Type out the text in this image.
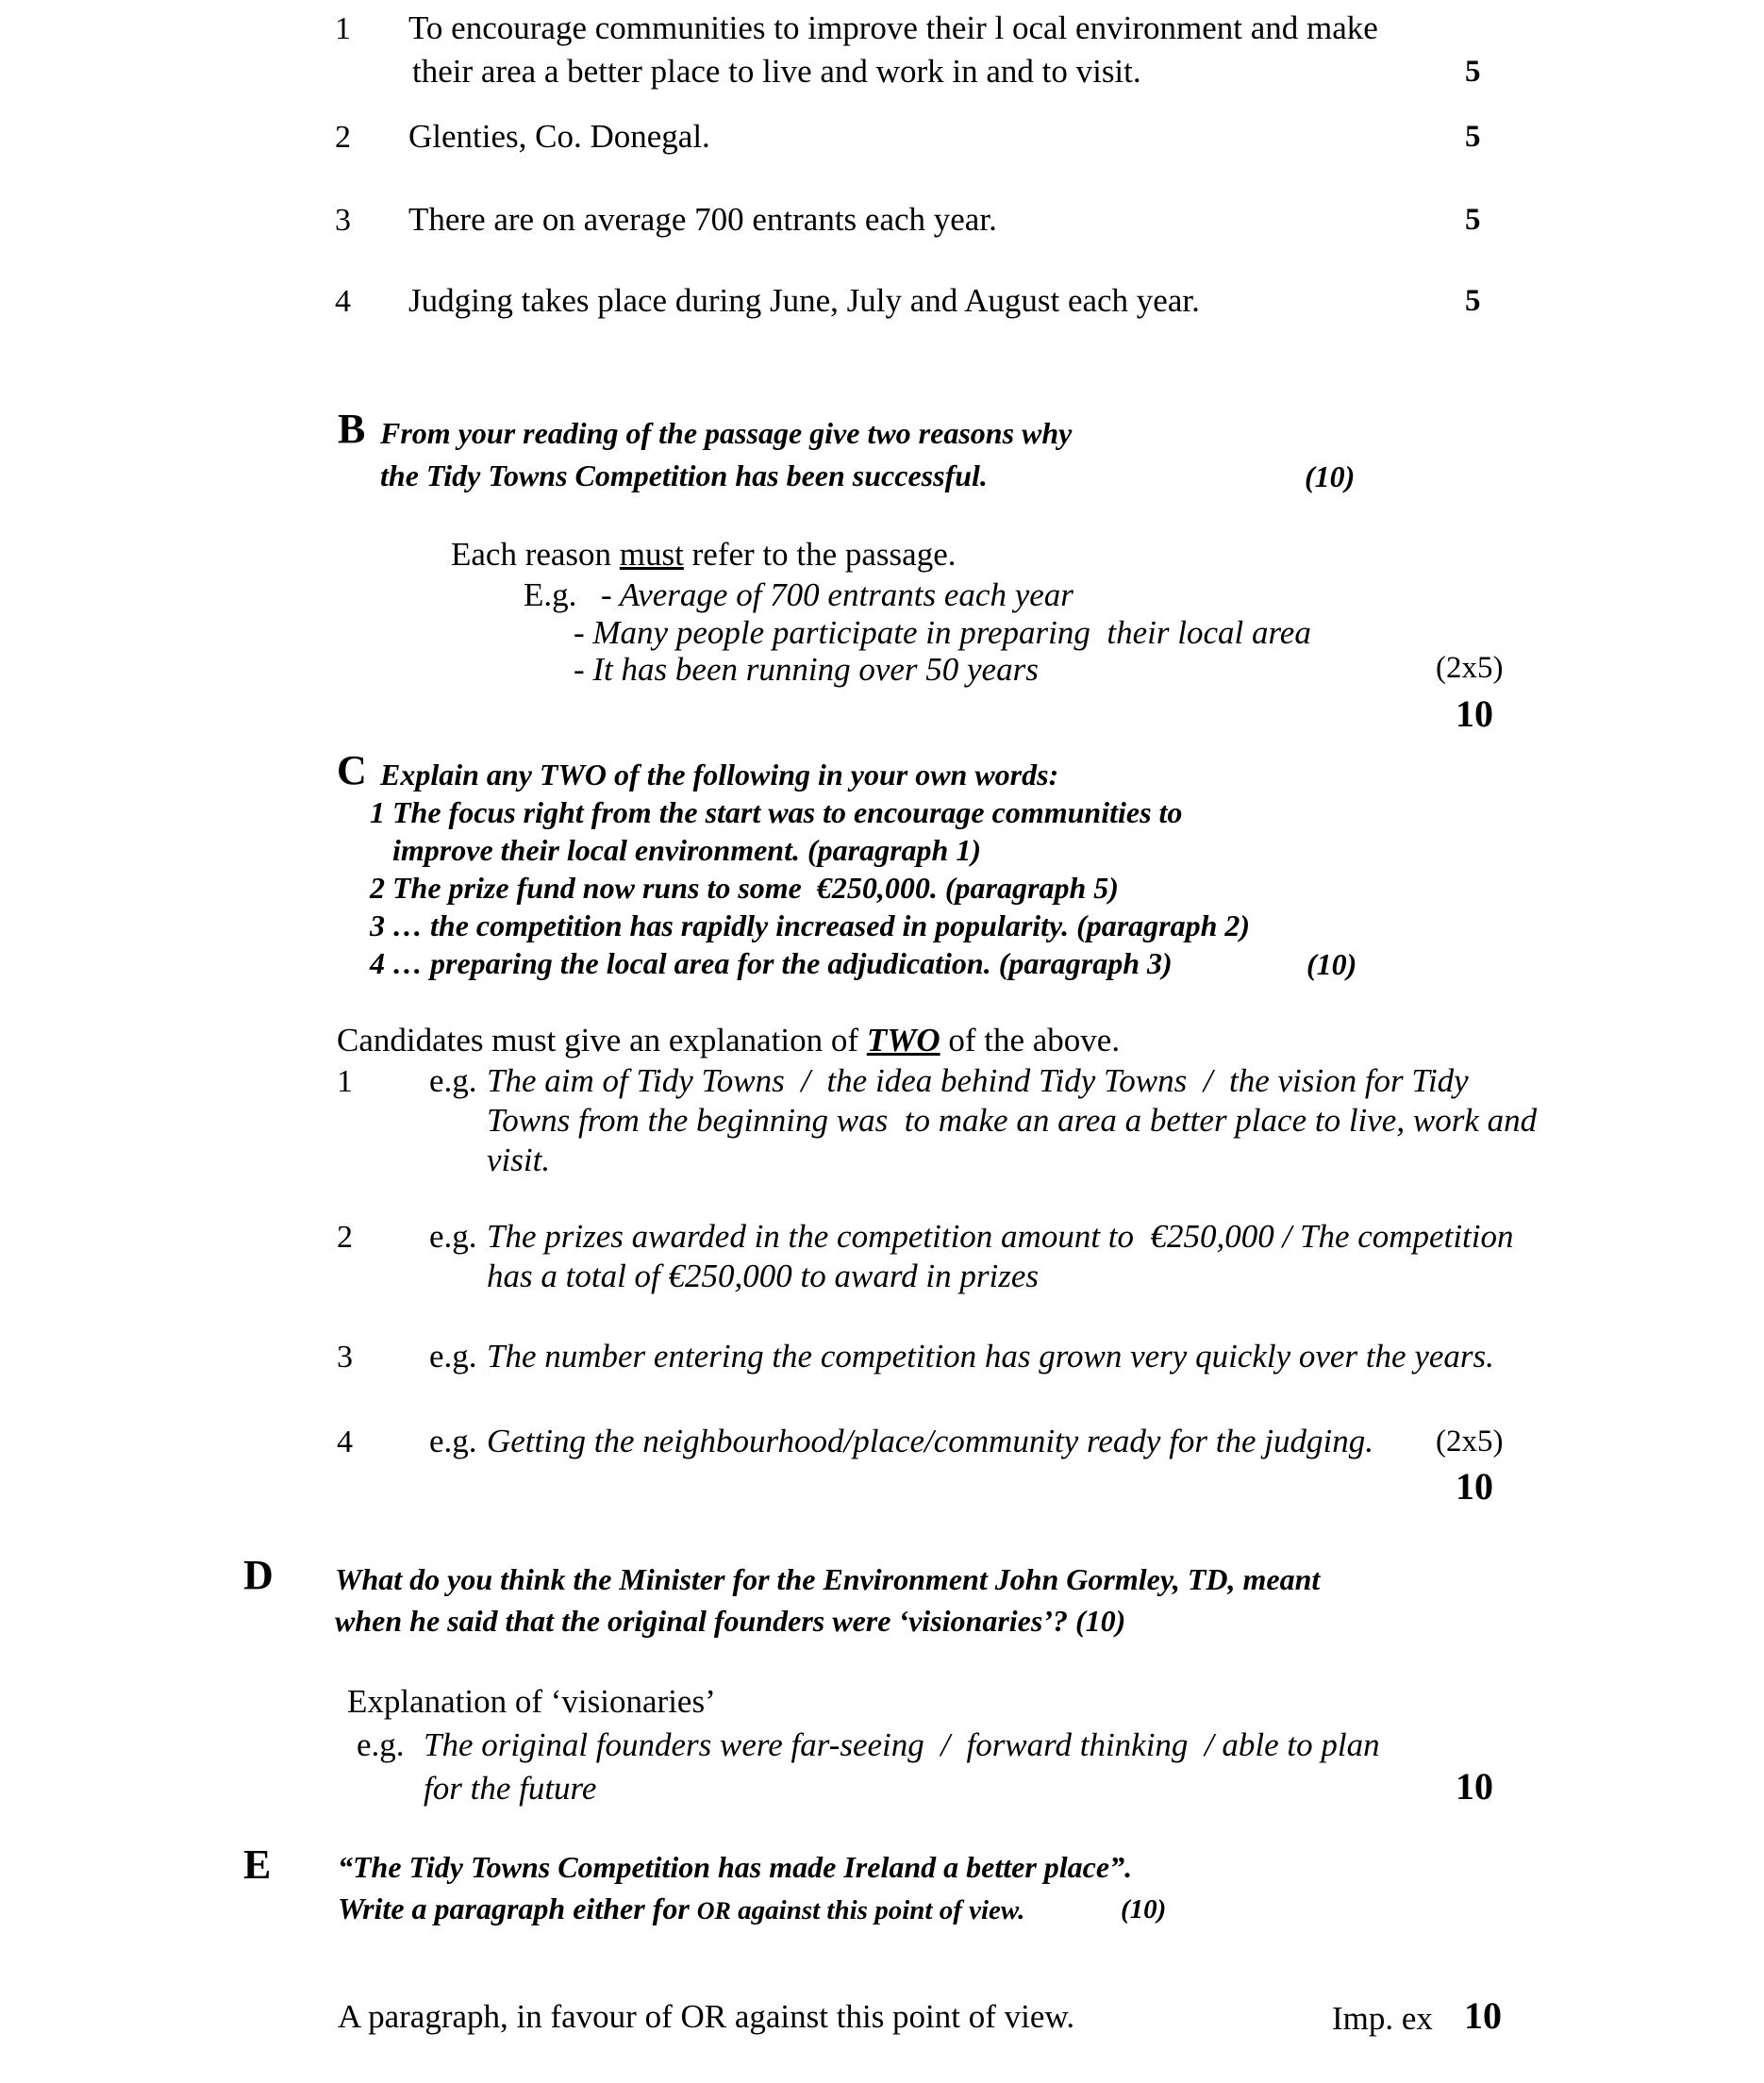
1 To encourage communities to improve their l ocal environment and make
their area a better place to live and work in and to visit.	5
2 Glenties, Co. Donegal.	5
3 There are on average 700 entrants each year.	5
4 Judging takes place during June, July and August each year.	5
B From your reading of the passage give two reasons why
the Tidy Towns Competition has been successful.	(10)
Each reason must refer to the passage.
E.g. - Average of 700 entrants each year
- Many people participate in preparing  their local area
- It has been running over 50 years	(2x5)
10
C Explain any TWO of the following in your own words:
1 The focus right from the start was to encourage communities to
improve their local environment. (paragraph 1)
2 The prize fund now runs to some  €250,000. (paragraph 5)
3 … the competition has rapidly increased in popularity. (paragraph 2)
4 … preparing the local area for the adjudication. (paragraph 3)	(10)
Candidates must give an explanation of TWO of the above.
1 e.g. The aim of Tidy Towns  /  the idea behind Tidy Towns  /  the vision for Tidy
Towns from the beginning was  to make an area a better place to live, work and
visit.
2 e.g. The prizes awarded in the competition amount to  €250,000 / The competition
has a total of €250,000 to award in prizes
3 e.g. The number entering the competition has grown very quickly over the years.
4 e.g. Getting the neighbourhood/place/community ready for the judging. (2x5)
10
D What do you think the Minister for the Environment John Gormley, TD, meant
when he said that the original founders were ‘visionaries’? (10)
Explanation of ‘visionaries’
e.g. The original founders were far-seeing  /  forward thinking  / able to plan
for the future	10
E “The Tidy Towns Competition has made Ireland a better place”.
Write a paragraph either for OR against this point of view.	(10)
A paragraph, in favour of OR against this point of view.	Imp. ex 10
